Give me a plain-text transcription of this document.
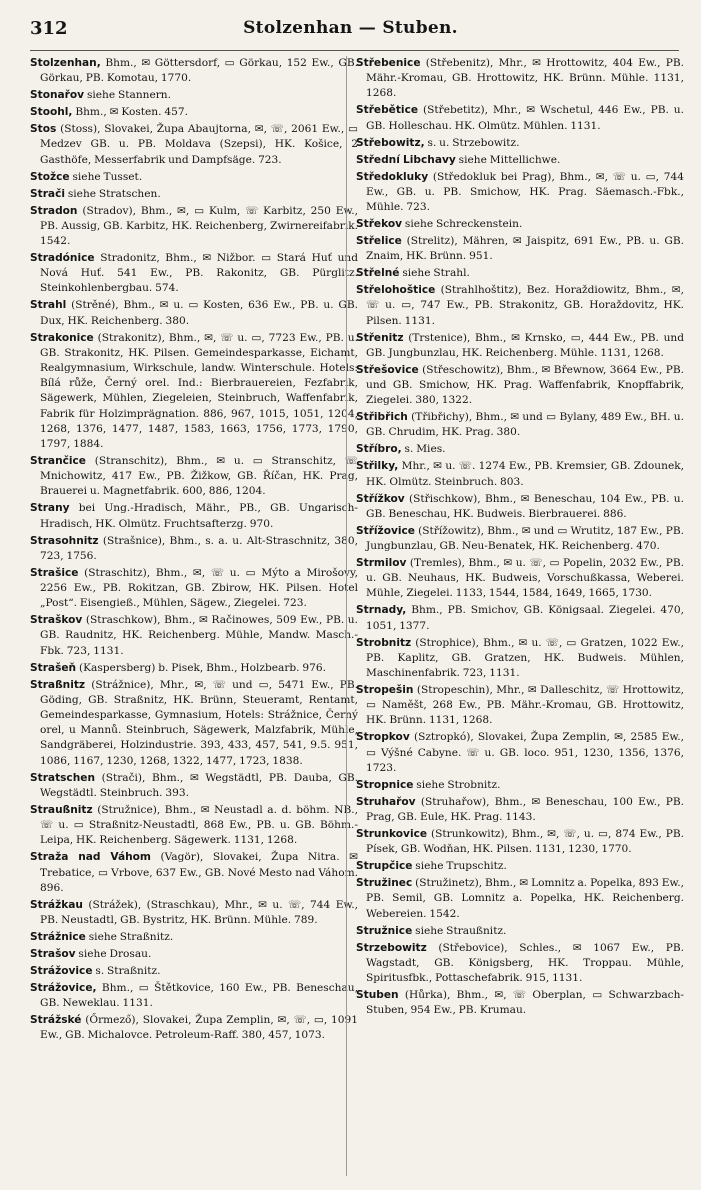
312	Stolzenhan — Stuben.

Stolzenhan, Bhm., ✉ Göttersdorf, ▭ Görkau, 152 Ew., GB. Görkau, PB. Komotau, 1770.

Stonařov siehe Stannern.

Stoohl, Bhm., ✉ Kosten. 457.

Stos (Stoss), Slovakei, Župa Abaujtorna, ✉, ☏, 2061 Ew., ▭ Medzev GB. u. PB. Moldava (Szepsi), HK. Košice, 2 Gasthöfe, Messerfabrik und Dampfsäge. 723.

Stožce siehe Tusset.

Strači siehe Stratschen.

Stradon (Stradov), Bhm., ✉, ▭ Kulm, ☏ Karbitz, 250 Ew., PB. Aussig, GB. Karbitz, HK. Reichenberg, Zwirnereifabrik. 1542.

Stradónice Stradonitz, Bhm., ✉ Nižbor. ▭ Stará Huť und Nová Huť. 541 Ew., PB. Rakonitz, GB. Pürglitz. Steinkohlenbergbau. 574.

Strahl (Strěné), Bhm., ✉ u. ▭ Kosten, 636 Ew., PB. u. GB. Dux, HK. Reichenberg. 380.

Strakonice (Strakonitz), Bhm., ✉, ☏ u. ▭, 7723 Ew., PB. u. GB. Strakonitz, HK. Pilsen. Gemeindesparkasse, Eichamt, Realgymnasium, Wirkschule, landw. Winterschule. Hotels: Bílá růže, Černý orel. Ind.: Bierbrauereien, Fezfabrik, Sägewerk, Mühlen, Ziegeleien, Steinbruch, Waffenfabrik, Fabrik für Holzimprägnation. 886, 967, 1015, 1051, 1204, 1268, 1376, 1477, 1487, 1583, 1663, 1756, 1773, 1790, 1797, 1884.

Strančice (Stranschitz), Bhm., ✉ u. ▭ Stranschitz, ☏ Mnichowitz, 417 Ew., PB. Žižkow, GB. Říčan, HK. Prag, Brauerei u. Magnetfabrik. 600, 886, 1204.

Strany bei Ung.-Hradisch, Mähr., PB., GB. Ungarisch-Hradisch, HK. Olmütz. Fruchtsafterzg. 970.

Strasohnitz (Strašnice), Bhm., s. a. u. Alt-Straschnitz, 380, 723, 1756.

Strašice (Straschitz), Bhm., ✉, ☏ u. ▭ Mýto a Mirošovy, 2256 Ew., PB. Rokitzan, GB. Zbirow, HK. Pilsen. Hotel „Post“. Eisengieß., Mühlen, Sägew., Ziegelei. 723.

Straškov (Straschkow), Bhm., ✉ Račinowes, 509 Ew., PB. u. GB. Raudnitz, HK. Reichenberg. Mühle, Mandw. Masch.-Fbk. 723, 1131.

Strašeň (Kaspersberg) b. Pisek, Bhm., Holzbearb. 976.

Straßnitz (Strážnice), Mhr., ✉, ☏ und ▭, 5471 Ew., PB. Göding, GB. Straßnitz, HK. Brünn, Steueramt, Rentamt, Gemeindesparkasse, Gymnasium, Hotels: Strážnice, Černý orel, u Mannů. Steinbruch, Sägewerk, Malzfabrik, Mühle, Sandgräberei, Holzindustrie. 393, 433, 457, 541, 9.5. 951, 1086, 1167, 1230, 1268, 1322, 1477, 1723, 1838.

Stratschen (Strači), Bhm., ✉ Wegstädtl, PB. Dauba, GB. Wegstädtl. Steinbruch. 393.

Straußnitz (Stružnice), Bhm., ✉ Neustadl a. d. böhm. NB., ☏ u. ▭ Straßnitz-Neustadtl, 868 Ew., PB. u. GB. Böhm.-Leipa, HK. Reichenberg. Sägewerk. 1131, 1268.

Straža nad Váhom (Vagör), Slovakei, Župa Nitra. ✉ Trebatice, ▭ Vrbove, 637 Ew., GB. Nové Mesto nad Váhom. 896.

Strážkau (Strážek), (Straschkau), Mhr., ✉ u. ☏, 744 Ew., PB. Neustadtl, GB. Bystritz, HK. Brünn. Mühle. 789.

Strážnice siehe Straßnitz.

Strašov siehe Drosau.

Strážovice s. Straßnitz.

Strážovice, Bhm., ▭ Štětkovice, 160 Ew., PB. Beneschau, GB. Neweklau. 1131.

Strážské (Őrmező), Slovakei, Župa Zemplin, ✉, ☏, ▭, 1091 Ew., GB. Michalovce. Petroleum-Raff. 380, 457, 1073.

Střebenice (Střebenitz), Mhr., ✉ Hrottowitz, 404 Ew., PB. Mähr.-Kromau, GB. Hrottowitz, HK. Brünn. Mühle. 1131, 1268.

Střebětice (Střebetitz), Mhr., ✉ Wschetul, 446 Ew., PB. u. GB. Holleschau. HK. Olmütz. Mühlen. 1131.

Střebowitz, s. u. Strzebowitz.

Střední Libchavy siehe Mittellichwe.

Středokluky (Středokluk bei Prag), Bhm., ✉, ☏ u. ▭, 744 Ew., GB. u. PB. Smichow, HK. Prag. Säemasch.-Fbk., Mühle. 723.

Střekov siehe Schreckenstein.

Střelice (Strelitz), Mähren, ✉ Jaispitz, 691 Ew., PB. u. GB. Znaim, HK. Brünn. 951.

Střelné siehe Strahl.

Střelohoštice (Strahlhoštitz), Bez. Horaždiowitz, Bhm., ✉, ☏ u. ▭, 747 Ew., PB. Strakonitz, GB. Horaždovitz, HK. Pilsen. 1131.

Střenitz (Trstenice), Bhm., ✉ Krnsko, ▭, 444 Ew., PB. und GB. Jungbunzlau, HK. Reichenberg. Mühle. 1131, 1268.

Střešovice (Střeschowitz), Bhm., ✉ Břewnow, 3664 Ew., PB. und GB. Smichow, HK. Prag. Waffenfabrik, Knopffabrik, Ziegelei. 380, 1322.

Střibřich (Třibřichy), Bhm., ✉ und ▭ Bylany, 489 Ew., BH. u. GB. Chrudim, HK. Prag. 380.

Stříbro, s. Mies.

Střilky, Mhr., ✉ u. ☏. 1274 Ew., PB. Kremsier, GB. Zdounek, HK. Olmütz. Steinbruch. 803.

Střížkov (Střischkow), Bhm., ✉ Beneschau, 104 Ew., PB. u. GB. Beneschau, HK. Budweis. Bierbrauerei. 886.

Střížovice (Střížowitz), Bhm., ✉ und ▭ Wrutitz, 187 Ew., PB. Jungbunzlau, GB. Neu-Benatek, HK. Reichenberg. 470.

Strmilov (Tremles), Bhm., ✉ u. ☏, ▭ Popelin, 2032 Ew., PB. u. GB. Neuhaus, HK. Budweis, Vorschußkassa, Weberei. Mühle, Ziegelei. 1133, 1544, 1584, 1649, 1665, 1730.

Strnady, Bhm., PB. Smichov, GB. Königsaal. Ziegelei. 470, 1051, 1377.

Strobnitz (Strophice), Bhm., ✉ u. ☏, ▭ Gratzen, 1022 Ew., PB. Kaplitz, GB. Gratzen, HK. Budweis. Mühlen, Maschinenfabrik. 723, 1131.

Stropešin (Stropeschin), Mhr., ✉ Dalleschitz, ☏ Hrottowitz, ▭ Naměšt, 268 Ew., PB. Mähr.-Kromau, GB. Hrottowitz, HK. Brünn. 1131, 1268.

Stropkov (Sztropkó), Slovakei, Župa Zemplin, ✉, 2585 Ew., ▭ Výšné Cabyne. ☏ u. GB. loco. 951, 1230, 1356, 1376, 1723.

Stropnice siehe Strobnitz.

Struhařov (Struhařow), Bhm., ✉ Beneschau, 100 Ew., PB. Prag, GB. Eule, HK. Prag. 1143.

Strunkovice (Strunkowitz), Bhm., ✉, ☏, u. ▭, 874 Ew., PB. Písek, GB. Wodňan, HK. Pilsen. 1131, 1230, 1770.

Strupčice siehe Trupschitz.

Stružinec (Stružinetz), Bhm., ✉ Lomnitz a. Popelka, 893 Ew., PB. Semil, GB. Lomnitz a. Popelka, HK. Reichenberg. Webereien. 1542.

Stružnice siehe Straußnitz.

Strzebowitz (Střebovice), Schles., ✉ 1067 Ew., PB. Wagstadt, GB. Königsberg, HK. Troppau. Mühle, Spiritusfbk., Pottaschefabrik. 915, 1131.

Stuben (Hůrka), Bhm., ✉, ☏ Oberplan, ▭ Schwarzbach-Stuben, 954 Ew., PB. Krumau.
